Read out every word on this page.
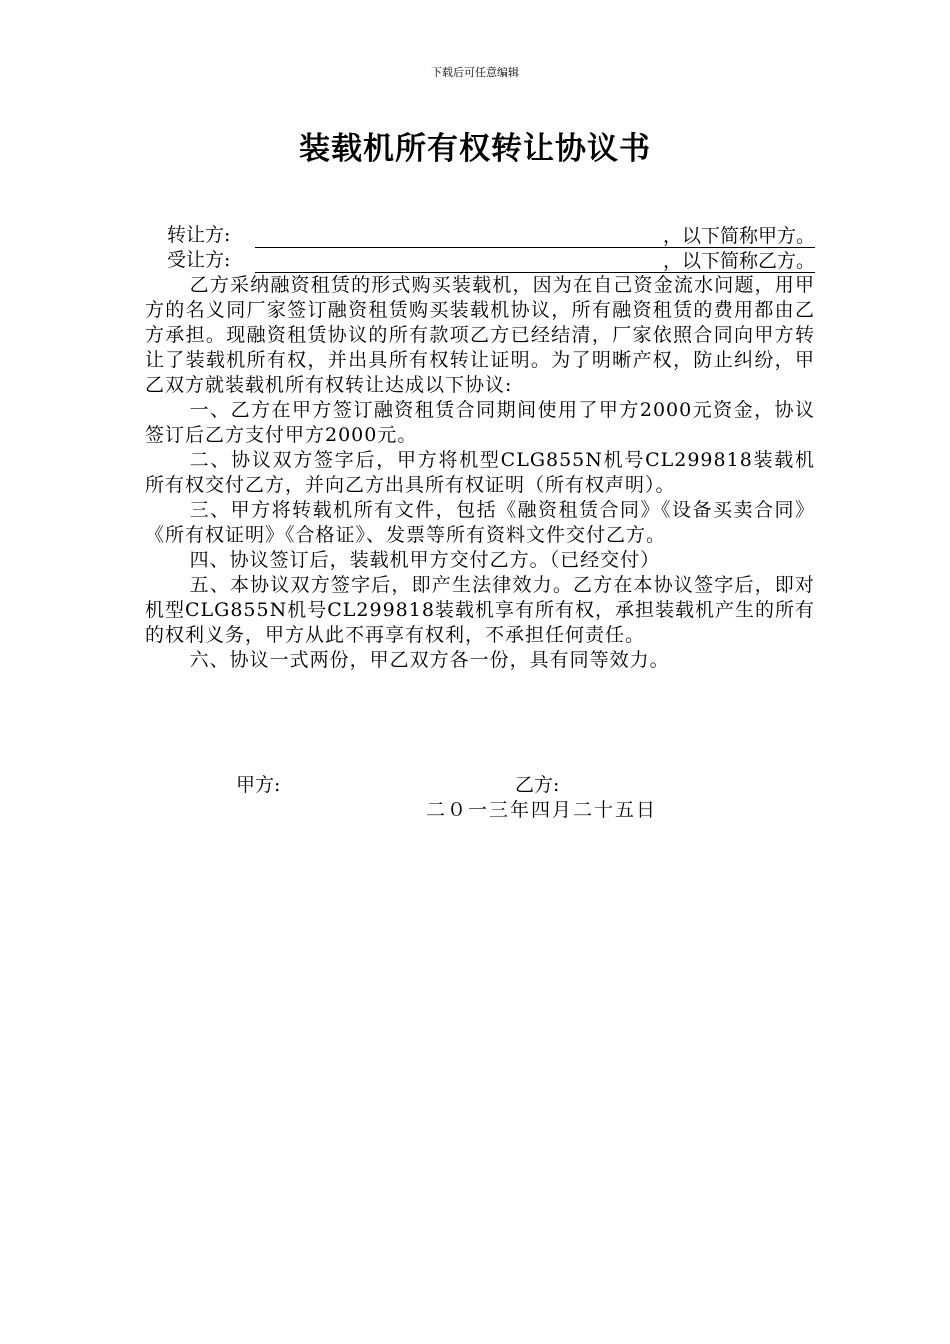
下载后可任意编辑
装载机所有权转让协议书
转让方:	，以下简称甲方。
受让方:	，以下简称乙方。

乙方采纳融资租赁的形式购买装载机，因为在自己资金流水问题，用甲方的名义同厂家签订融资租赁购买装载机协议，所有融资租赁的费用都由乙方承担。现融资租赁协议的所有款项乙方已经结清，厂家依照合同向甲方转让了装载机所有权，并出具所有权转让证明。为了明晰产权，防止纠纷，甲乙双方就装载机所有权转让达成以下协议:

一、乙方在甲方签订融资租赁合同期间使用了甲方2000元资金，协议签订后乙方支付甲方2000元。

二、协议双方签字后，甲方将机型CLG855N机号CL299818装载机所有权交付乙方，并向乙方出具所有权证明（所有权声明）。

三、甲方将转载机所有文件，包括《融资租赁合同》《设备买卖合同》《所有权证明》《合格证》、发票等所有资料文件交付乙方。

四、协议签订后，装载机甲方交付乙方。（已经交付）

五、本协议双方签字后，即产生法律效力。乙方在本协议签字后，即对机型CLG855N机号CL299818装载机享有所有权，承担装载机产生的所有的权利义务，甲方从此不再享有权利，不承担任何责任。

六、协议一式两份，甲乙双方各一份，具有同等效力。

甲方:	乙方:
二０一三年四月二十五日
